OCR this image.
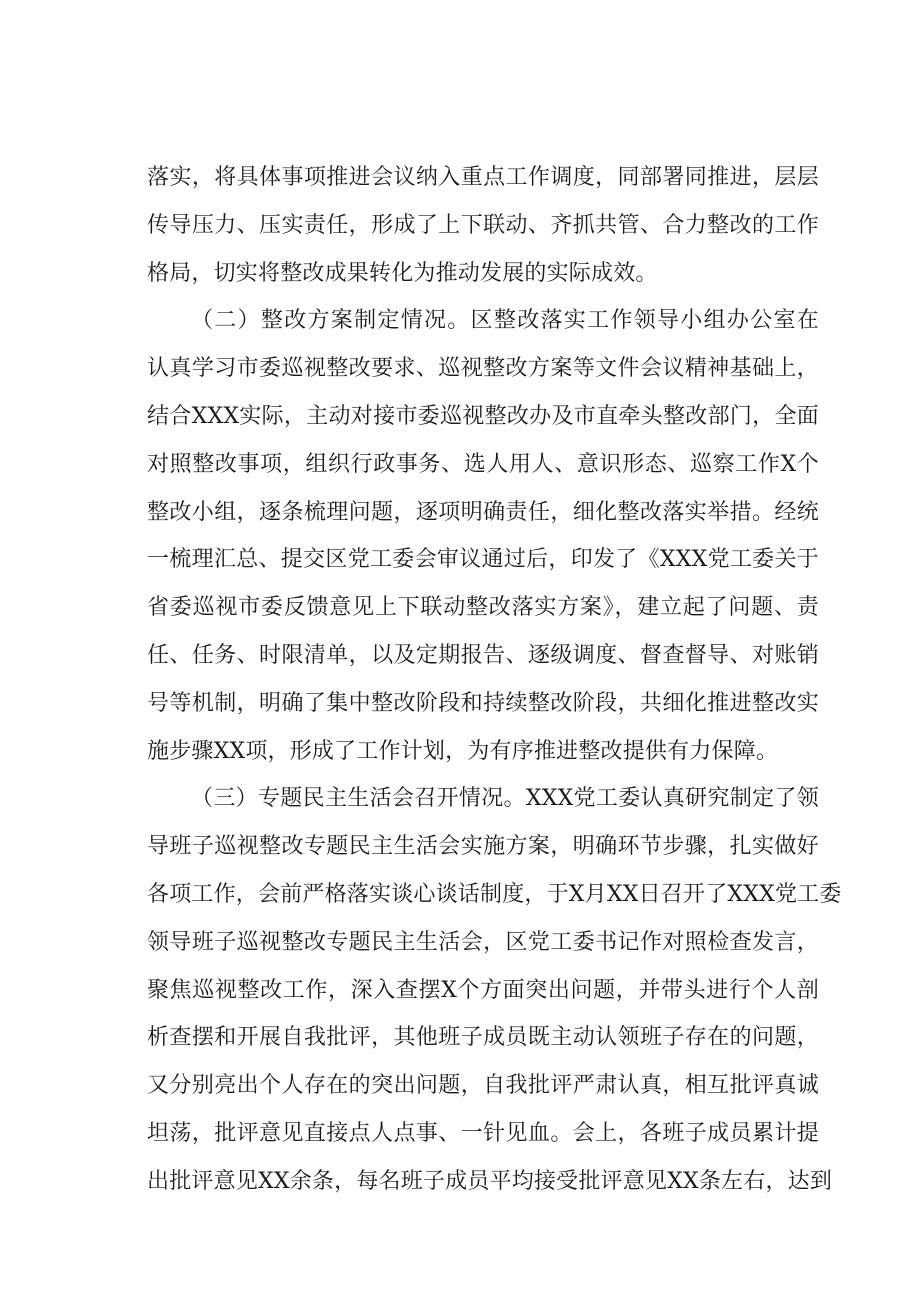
落实，将具体事项推进会议纳入重点工作调度，同部署同推进，层层
传导压力、压实责任，形成了上下联动、齐抓共管、合力整改的工作
格局，切实将整改成果转化为推动发展的实际成效。
（二）整改方案制定情况。区整改落实工作领导小组办公室在
认真学习市委巡视整改要求、巡视整改方案等文件会议精神基础上，
结合XXX实际，主动对接市委巡视整改办及市直牵头整改部门，全面
对照整改事项，组织行政事务、选人用人、意识形态、巡察工作X个
整改小组，逐条梳理问题，逐项明确责任，细化整改落实举措。经统
一梳理汇总、提交区党工委会审议通过后，印发了《XXX党工委关于
省委巡视市委反馈意见上下联动整改落实方案》，建立起了问题、责
任、任务、时限清单，以及定期报告、逐级调度、督查督导、对账销
号等机制，明确了集中整改阶段和持续整改阶段，共细化推进整改实
施步骤XX项，形成了工作计划，为有序推进整改提供有力保障。
（三）专题民主生活会召开情况。XXX党工委认真研究制定了领
导班子巡视整改专题民主生活会实施方案，明确环节步骤，扎实做好
各项工作，会前严格落实谈心谈话制度，于X月XX日召开了XXX党工委
领导班子巡视整改专题民主生活会，区党工委书记作对照检查发言，
聚焦巡视整改工作，深入查摆X个方面突出问题，并带头进行个人剖
析查摆和开展自我批评，其他班子成员既主动认领班子存在的问题，
又分别亮出个人存在的突出问题，自我批评严肃认真，相互批评真诚
坦荡，批评意见直接点人点事、一针见血。会上，各班子成员累计提
出批评意见XX余条，每名班子成员平均接受批评意见XX条左右，达到
